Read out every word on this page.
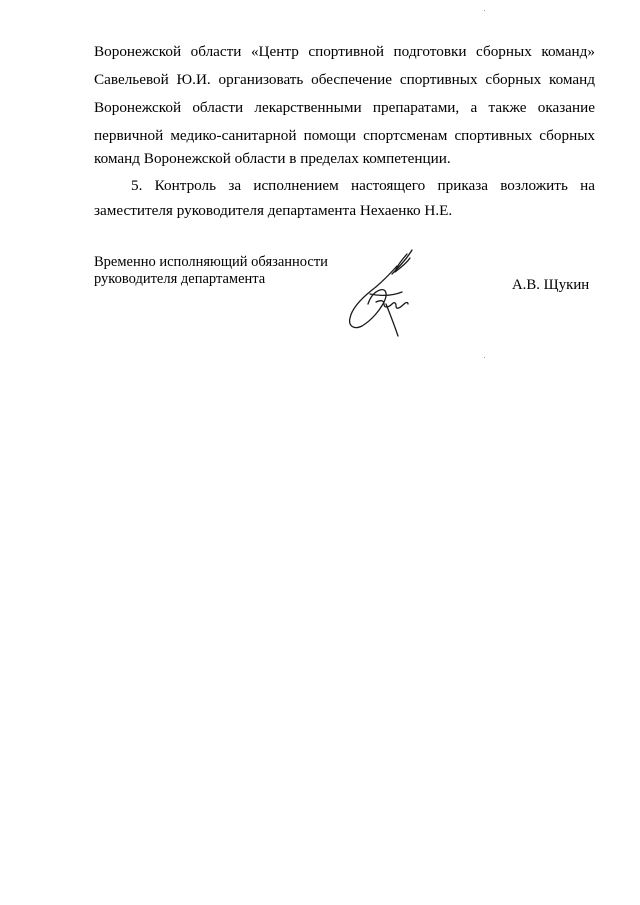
Воронежской области «Центр спортивной подготовки сборных команд»
Савельевой Ю.И. организовать обеспечение спортивных сборных команд
Воронежской области лекарственными препаратами, а также оказание
первичной медико-санитарной помощи спортсменам спортивных сборных
команд Воронежской области в пределах компетенции.
5. Контроль за исполнением настоящего приказа возложить на
заместителя руководителя департамента Нехаенко Н.Е.
Временно исполняющий обязанности
руководителя департамента	А.В. Щукин
